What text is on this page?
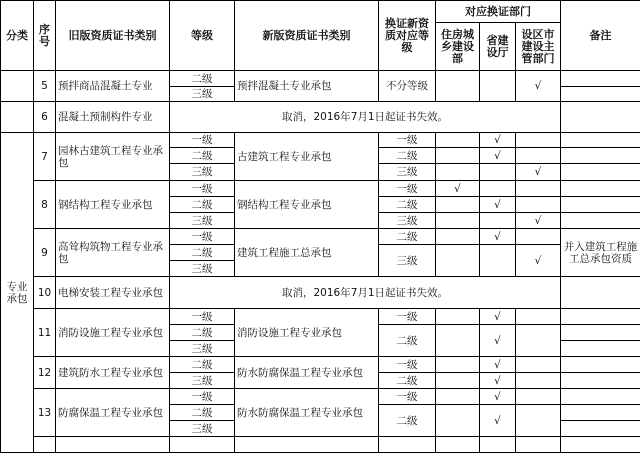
分类	序号	旧版资质证书类别	等级	新版资质证书类别	换证新资质对应等级	对应换证部门			备注
						住房城乡建设部	省建设厅	设区市建设主管部门	

	5	预拌商品混凝土专业	二级	预拌混凝土专业承包	不分等级			√	
			三级						
	6	混凝土预制构件专业	取消，2016年7月1日起证书失效。						
专业承包	7	园林古建筑工程专业承包	一级	古建筑工程专业承包	一级		√		
			二级		二级		√		
			三级		三级			√	
	8	钢结构工程专业承包	一级	钢结构工程专业承包	一级	√			
			二级		二级		√		
			三级		三级			√	
	9	高耸构筑物工程专业承包	一级	建筑工程施工总承包	二级		√		并入建筑工程施工总承包资质
			二级		三级			√	
			三级						
	10	电梯安装工程专业承包	取消，2016年7月1日起证书失效。						
	11	消防设施工程专业承包	一级	消防设施工程专业承包	一级		√		
			二级		二级		√		
			三级						
	12	建筑防水工程专业承包	二级	防水防腐保温工程专业承包	一级		√		
			三级		二级		√		
	13	防腐保温工程专业承包	一级	防水防腐保温工程专业承包	一级		√		
			二级		二级		√		
			三级						
